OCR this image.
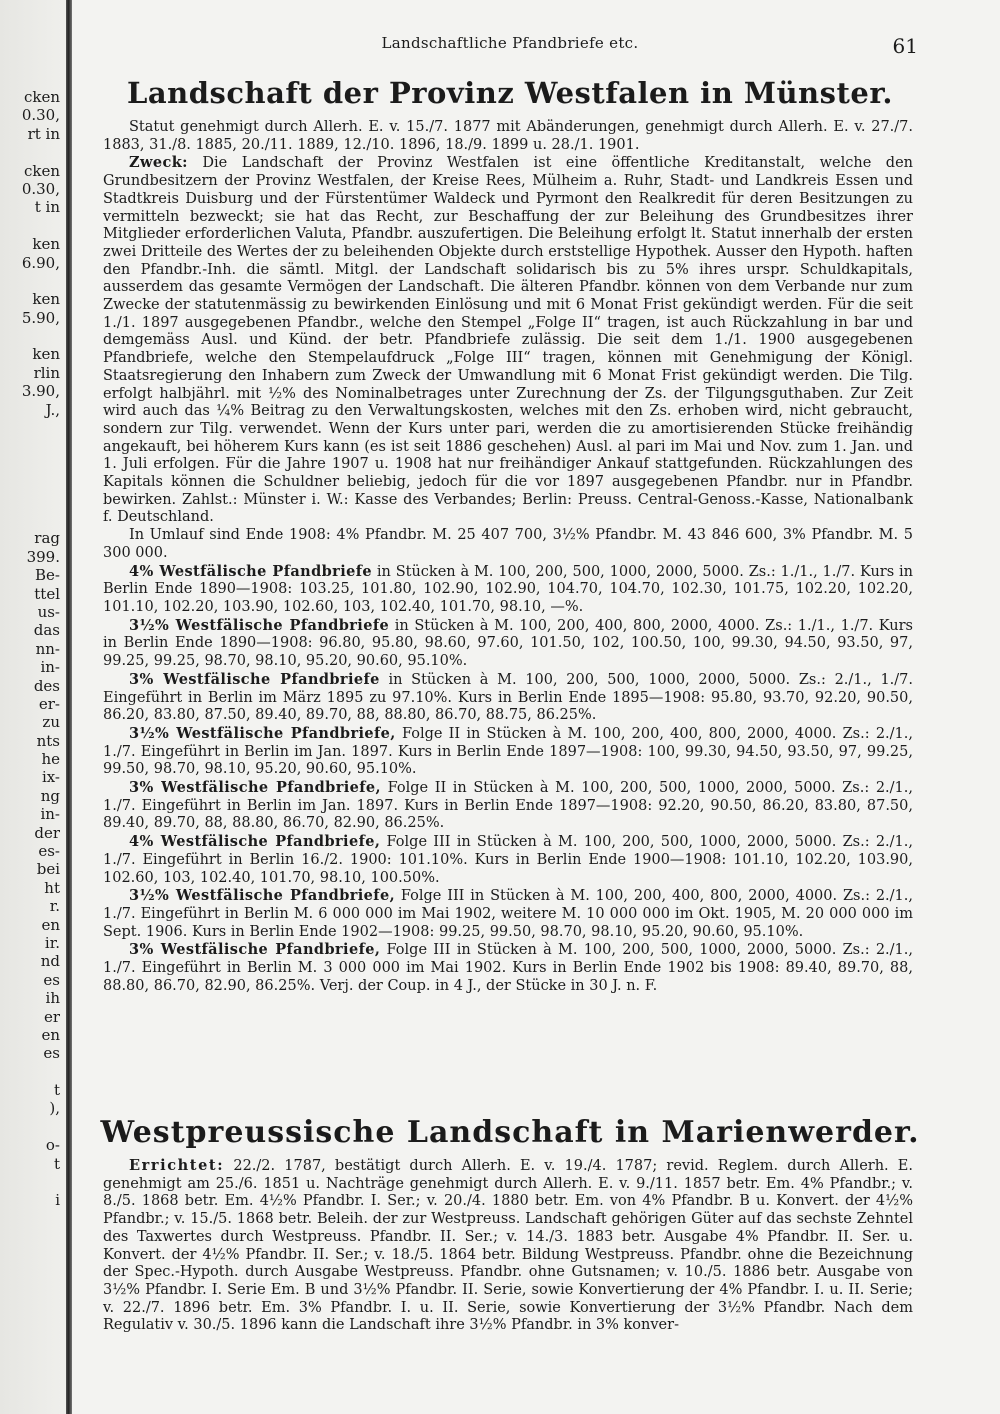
cken
0.30,
rt in
cken
0.30,
t in
ken
6.90,
ken
5.90,
ken
rlin
3.90,
J.,
rag
399.
Be-
ttel
us-
das
nn-
in-
des
er-
zu
nts
he
ix-
ng
in-
der
es-
bei
ht
r.
en
ir.
nd
es
ih
er
en
es
t
),
o-
t
i
Landschaftliche Pfandbriefe etc.	61
Landschaft der Provinz Westfalen in Münster.

Statut genehmigt durch Allerh. E. v. 15./7. 1877 mit Abänderungen, genehmigt durch Allerh. E. v. 27./7. 1883, 31./8. 1885, 20./11. 1889, 12./10. 1896, 18./9. 1899 u. 28./1. 1901.

Zweck: Die Landschaft der Provinz Westfalen ist eine öffentliche Kreditanstalt, welche den Grundbesitzern der Provinz Westfalen, der Kreise Rees, Mülheim a. Ruhr, Stadt- und Landkreis Essen und Stadtkreis Duisburg und der Fürstentümer Waldeck und Pyrmont den Realkredit für deren Besitzungen zu vermitteln bezweckt; sie hat das Recht, zur Beschaffung der zur Beleihung des Grundbesitzes ihrer Mitglieder erforderlichen Valuta, Pfandbr. auszufertigen. Die Beleihung erfolgt lt. Statut innerhalb der ersten zwei Dritteile des Wertes der zu beleihenden Objekte durch erststellige Hypothek. Ausser den Hypoth. haften den Pfandbr.-Inh. die sämtl. Mitgl. der Landschaft solidarisch bis zu 5% ihres urspr. Schuldkapitals, ausserdem das gesamte Vermögen der Landschaft. Die älteren Pfandbr. können von dem Verbande nur zum Zwecke der statutenmässig zu bewirkenden Einlösung und mit 6 Monat Frist gekündigt werden. Für die seit 1./1. 1897 ausgegebenen Pfandbr., welche den Stempel „Folge II“ tragen, ist auch Rückzahlung in bar und demgemäss Ausl. und Künd. der betr. Pfandbriefe zulässig. Die seit dem 1./1. 1900 ausgegebenen Pfandbriefe, welche den Stempelaufdruck „Folge III“ tragen, können mit Genehmigung der Königl. Staatsregierung den Inhabern zum Zweck der Umwandlung mit 6 Monat Frist gekündigt werden. Die Tilg. erfolgt halbjährl. mit ½% des Nominalbetrages unter Zurechnung der Zs. der Tilgungsguthaben. Zur Zeit wird auch das ¼% Beitrag zu den Verwaltungskosten, welches mit den Zs. erhoben wird, nicht gebraucht, sondern zur Tilg. verwendet. Wenn der Kurs unter pari, werden die zu amortisierenden Stücke freihändig angekauft, bei höherem Kurs kann (es ist seit 1886 geschehen) Ausl. al pari im Mai und Nov. zum 1. Jan. und 1. Juli erfolgen. Für die Jahre 1907 u. 1908 hat nur freihändiger Ankauf stattgefunden. Rückzahlungen des Kapitals können die Schuldner beliebig, jedoch für die vor 1897 ausgegebenen Pfandbr. nur in Pfandbr. bewirken. Zahlst.: Münster i. W.: Kasse des Verbandes; Berlin: Preuss. Central-Genoss.-Kasse, Nationalbank f. Deutschland.

In Umlauf sind Ende 1908: 4% Pfandbr. M. 25 407 700, 3½% Pfandbr. M. 43 846 600, 3% Pfandbr. M. 5 300 000.

4% Westfälische Pfandbriefe in Stücken à M. 100, 200, 500, 1000, 2000, 5000. Zs.: 1./1., 1./7. Kurs in Berlin Ende 1890—1908: 103.25, 101.80, 102.90, 102.90, 104.70, 104.70, 102.30, 101.75, 102.20, 102.20, 101.10, 102.20, 103.90, 102.60, 103, 102.40, 101.70, 98.10, —%.

3½% Westfälische Pfandbriefe in Stücken à M. 100, 200, 400, 800, 2000, 4000. Zs.: 1./1., 1./7. Kurs in Berlin Ende 1890—1908: 96.80, 95.80, 98.60, 97.60, 101.50, 102, 100.50, 100, 99.30, 94.50, 93.50, 97, 99.25, 99.25, 98.70, 98.10, 95.20, 90.60, 95.10%.

3% Westfälische Pfandbriefe in Stücken à M. 100, 200, 500, 1000, 2000, 5000. Zs.: 2./1., 1./7. Eingeführt in Berlin im März 1895 zu 97.10%. Kurs in Berlin Ende 1895—1908: 95.80, 93.70, 92.20, 90.50, 86.20, 83.80, 87.50, 89.40, 89.70, 88, 88.80, 86.70, 88.75, 86.25%.

3½% Westfälische Pfandbriefe, Folge II in Stücken à M. 100, 200, 400, 800, 2000, 4000. Zs.: 2./1., 1./7. Eingeführt in Berlin im Jan. 1897. Kurs in Berlin Ende 1897—1908: 100, 99.30, 94.50, 93.50, 97, 99.25, 99.50, 98.70, 98.10, 95.20, 90.60, 95.10%.

3% Westfälische Pfandbriefe, Folge II in Stücken à M. 100, 200, 500, 1000, 2000, 5000. Zs.: 2./1., 1./7. Eingeführt in Berlin im Jan. 1897. Kurs in Berlin Ende 1897—1908: 92.20, 90.50, 86.20, 83.80, 87.50, 89.40, 89.70, 88, 88.80, 86.70, 82.90, 86.25%.

4% Westfälische Pfandbriefe, Folge III in Stücken à M. 100, 200, 500, 1000, 2000, 5000. Zs.: 2./1., 1./7. Eingeführt in Berlin 16./2. 1900: 101.10%. Kurs in Berlin Ende 1900—1908: 101.10, 102.20, 103.90, 102.60, 103, 102.40, 101.70, 98.10, 100.50%.

3½% Westfälische Pfandbriefe, Folge III in Stücken à M. 100, 200, 400, 800, 2000, 4000. Zs.: 2./1., 1./7. Eingeführt in Berlin M. 6 000 000 im Mai 1902, weitere M. 10 000 000 im Okt. 1905, M. 20 000 000 im Sept. 1906. Kurs in Berlin Ende 1902—1908: 99.25, 99.50, 98.70, 98.10, 95.20, 90.60, 95.10%.

3% Westfälische Pfandbriefe, Folge III in Stücken à M. 100, 200, 500, 1000, 2000, 5000. Zs.: 2./1., 1./7. Eingeführt in Berlin M. 3 000 000 im Mai 1902. Kurs in Berlin Ende 1902 bis 1908: 89.40, 89.70, 88, 88.80, 86.70, 82.90, 86.25%. Verj. der Coup. in 4 J., der Stücke in 30 J. n. F.

Westpreussische Landschaft in Marienwerder.

Errichtet: 22./2. 1787, bestätigt durch Allerh. E. v. 19./4. 1787; revid. Reglem. durch Allerh. E. genehmigt am 25./6. 1851 u. Nachträge genehmigt durch Allerh. E. v. 9./11. 1857 betr. Em. 4% Pfandbr.; v. 8./5. 1868 betr. Em. 4½% Pfandbr. I. Ser.; v. 20./4. 1880 betr. Em. von 4% Pfandbr. B u. Konvert. der 4½% Pfandbr.; v. 15./5. 1868 betr. Beleih. der zur Westpreuss. Landschaft gehörigen Güter auf das sechste Zehntel des Taxwertes durch Westpreuss. Pfandbr. II. Ser.; v. 14./3. 1883 betr. Ausgabe 4% Pfandbr. II. Ser. u. Konvert. der 4½% Pfandbr. II. Ser.; v. 18./5. 1864 betr. Bildung Westpreuss. Pfandbr. ohne die Bezeichnung der Spec.-Hypoth. durch Ausgabe Westpreuss. Pfandbr. ohne Gutsnamen; v. 10./5. 1886 betr. Ausgabe von 3½% Pfandbr. I. Serie Em. B und 3½% Pfandbr. II. Serie, sowie Konvertierung der 4% Pfandbr. I. u. II. Serie; v. 22./7. 1896 betr. Em. 3% Pfandbr. I. u. II. Serie, sowie Konvertierung der 3½% Pfandbr. Nach dem Regulativ v. 30./5. 1896 kann die Landschaft ihre 3½% Pfandbr. in 3% konver-
